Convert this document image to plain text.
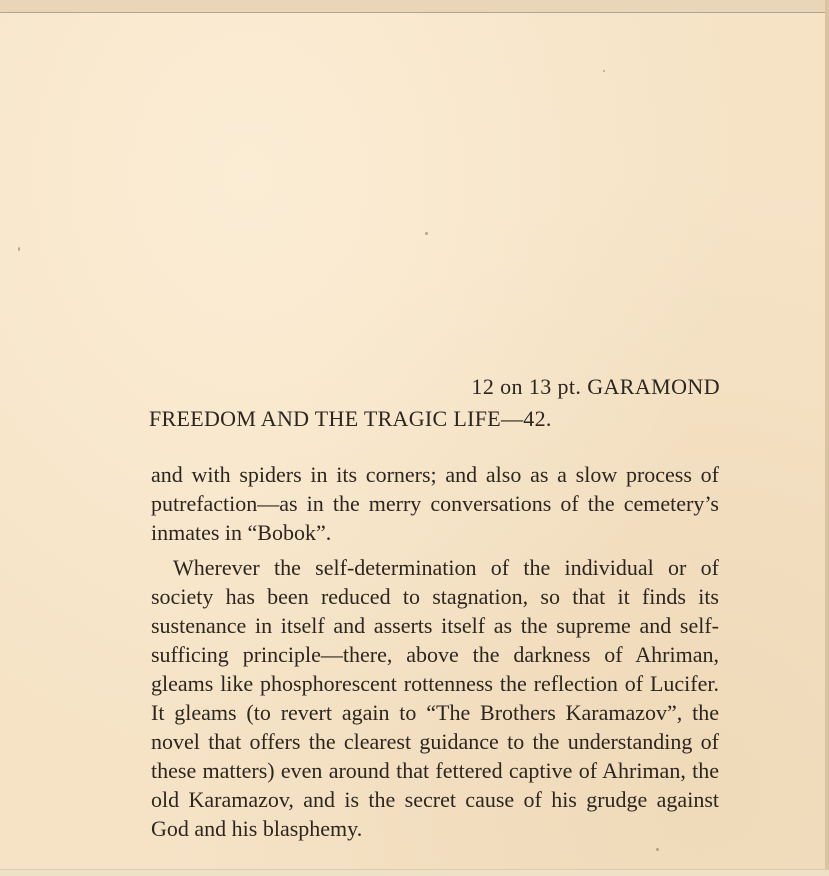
12 on 13 pt. GARAMOND
FREEDOM AND THE TRAGIC LIFE—42.

and with spiders in its corners; and also as a slow process of putrefaction—as in the merry conversations of the cemetery’s inmates in “Bobok”.

Wherever the self-determination of the individual or of society has been reduced to stagnation, so that it finds its sustenance in itself and asserts itself as the supreme and self-sufficing principle—there, above the darkness of Ahriman, gleams like phosphorescent rottenness the reflection of Lucifer. It gleams (to revert again to “The Brothers Karamazov”, the novel that offers the clearest guidance to the understanding of these matters) even around that fettered captive of Ahriman, the old Karamazov, and is the secret cause of his grudge against God and his blasphemy.
